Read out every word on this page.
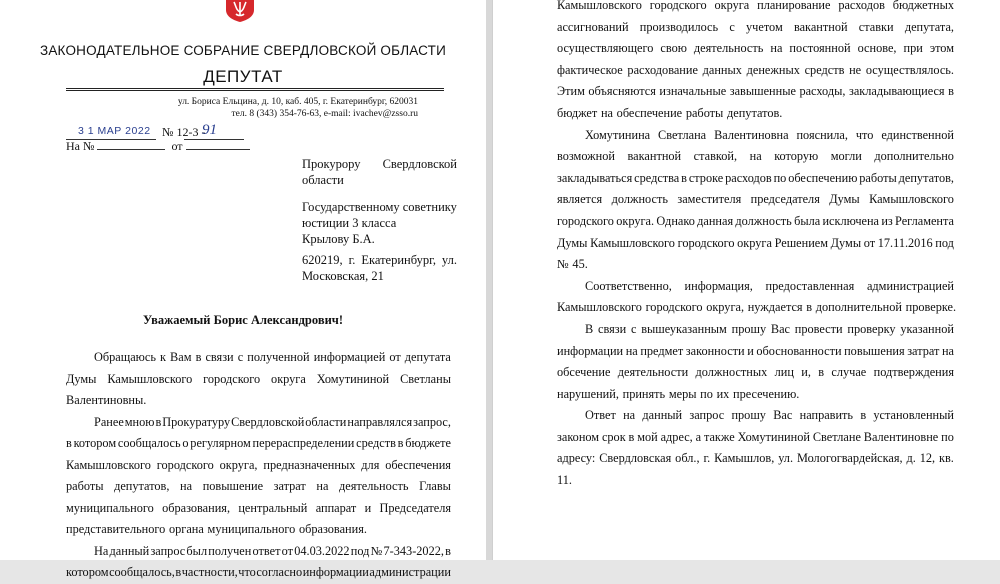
ЗАКОНОДАТЕЛЬНОЕ СОБРАНИЕ СВЕРДЛОВСКОЙ ОБЛАСТИ
ДЕПУТАТ
ул. Бориса Ельцина, д. 10, каб. 405, г. Екатеринбург, 620031
тел. 8 (343) 354-76-63, e-mail: ivachev@zsso.ru
3 1 МАР 2022 № 12-3 -
91
На №	от
Прокурору Свердловской
области
Государственному советнику
юстиции 3 класса
Крылову Б.А.
620219, г. Екатеринбург, ул.
Московская, 21
Уважаемый Борис Александрович!
Обращаюсь к Вам в связи с полученной информацией от депутата
Думы Камышловского городского округа Хомутининой Светланы
Валентиновны.
Ранее мною в Прокуратуру Свердловской области направлялся запрос,
в котором сообщалось о регулярном перераспределении средств в бюджете
Камышловского городского округа, предназначенных для обеспечения
работы депутатов, на повышение затрат на деятельность Главы
муниципального образования, центральный аппарат и Председателя
представительного органа муниципального образования.
На данный запрос был получен ответ от 04.03.2022 под № 7-343-2022, в
котором сообщалось, в частности, что согласно информации администрации
Камышловского городского округа планирование расходов бюджетных
ассигнований производилось с учетом вакантной ставки депутата,
осуществляющего свою деятельность на постоянной основе, при этом
фактическое расходование данных денежных средств не осуществлялось.
Этим объясняются изначальные завышенные расходы, закладывающиеся в
бюджет на обеспечение работы депутатов.
Хомутинина Светлана Валентиновна пояснила, что единственной
возможной вакантной ставкой, на которую могли дополнительно
закладываться средства в строке расходов по обеспечению работы депутатов,
является должность заместителя председателя Думы Камышловского
городского округа. Однако данная должность была исключена из Регламента
Думы Камышловского городского округа Решением Думы от 17.11.2016 под
№ 45.
Соответственно, информация, предоставленная администрацией
Камышловского городского округа, нуждается в дополнительной проверке.
В связи с вышеуказанным прошу Вас провести проверку указанной
информации на предмет законности и обоснованности повышения затрат на
обсечение деятельности должностных лиц и, в случае подтверждения
нарушений, принять меры по их пресечению.
Ответ на данный запрос прошу Вас направить в установленный
законом срок в мой адрес, а также Хомутининой Светлане Валентиновне по
адресу: Свердловская обл., г. Камышлов, ул. Мологогвардейская, д. 12, кв.
11.
